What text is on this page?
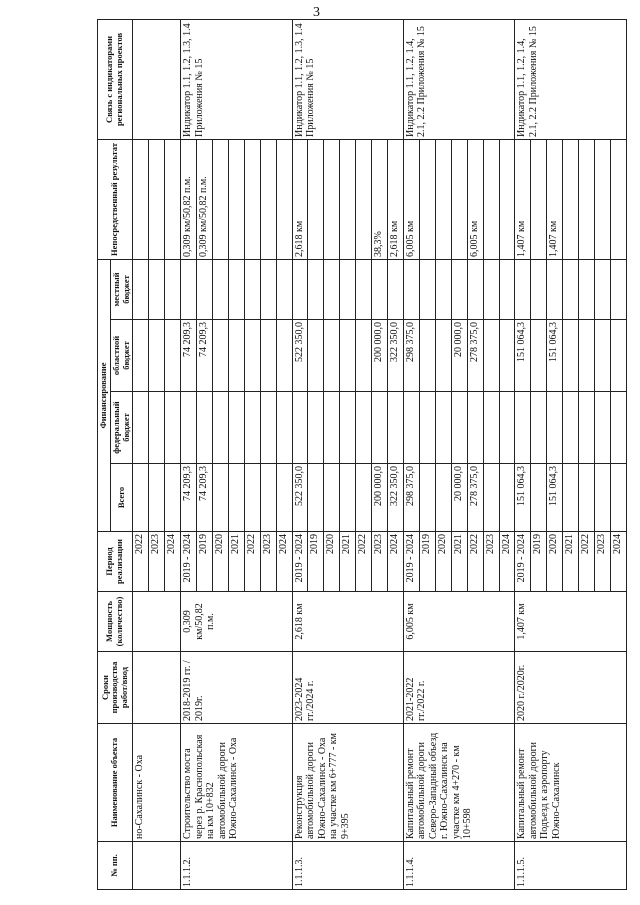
3
№ пп.	Наименование объекта	Сроки производства работ/ввод	Мощность (количество)	Период реализации	Финансирование				Непосредственный результат	Связь с индикаторами региональных проектов
					Всего	федеральный бюджет	областной бюджет	местный бюджет		
	но-Сахалинск - Оха			2022						
				2023						
				2024						
1.1.1.2.	Строительство моста через р. Краснопольская на км 10+832 автомобильной дороги Южно-Сахалинск - Оха	2018-2019 гг. / 2019г.	0,309 км/50,82 п.м.	2019 - 2024	74 209,3		74 209,3		0,309 км/50,82 п.м.	Индикатор 1.1, 1.2, 1.3, 1.4 Приложения № 15
				2019	74 209,3		74 209,3		0,309 км/50,82 п.м.	
				2020						
				2021						
				2022						
				2023						
				2024						
1.1.1.3.	Реконструкция автомобильной дороги Южно-Сахалинск - Оха на участке км 6+777 - км 9+395	2023-2024 гг./2024 г.	2,618 км	2019 - 2024	522 350,0		522 350,0		2,618 км	Индикатор 1.1, 1.2, 1.3, 1.4 Приложения № 15
				2019						
				2020						
				2021						
				2022						
				2023	200 000,0		200 000,0		38,3%	
				2024	322 350,0		322 350,0		2,618 км	
1.1.1.4.	Капитальный ремонт автомобильной дороги Северо-Западный объезд г. Южно-Сахалинск на участке км 4+270 - км 10+598	2021-2022 гг./2022 г.	6,005 км	2019 - 2024	298 375,0		298 375,0		6,005 км	Индикатор 1.1, 1.2, 1.4, 2.1, 2.2 Приложения № 15
				2019						
				2020						
				2021	20 000,0		20 000,0			
				2022	278 375,0		278 375,0		6,005 км	
				2023						
				2024						
1.1.1.5.	Капитальный ремонт автомобильной дороги Подъезд к аэропорту Южно-Сахалинск	2020 г./2020г.	1,407 км	2019 - 2024	151 064,3		151 064,3		1,407 км	Индикатор 1.1, 1.2, 1.4, 2.1, 2.2 Приложения № 15
				2019						
				2020	151 064,3		151 064,3		1,407 км	
				2021						
				2022						
				2023						
				2024						
